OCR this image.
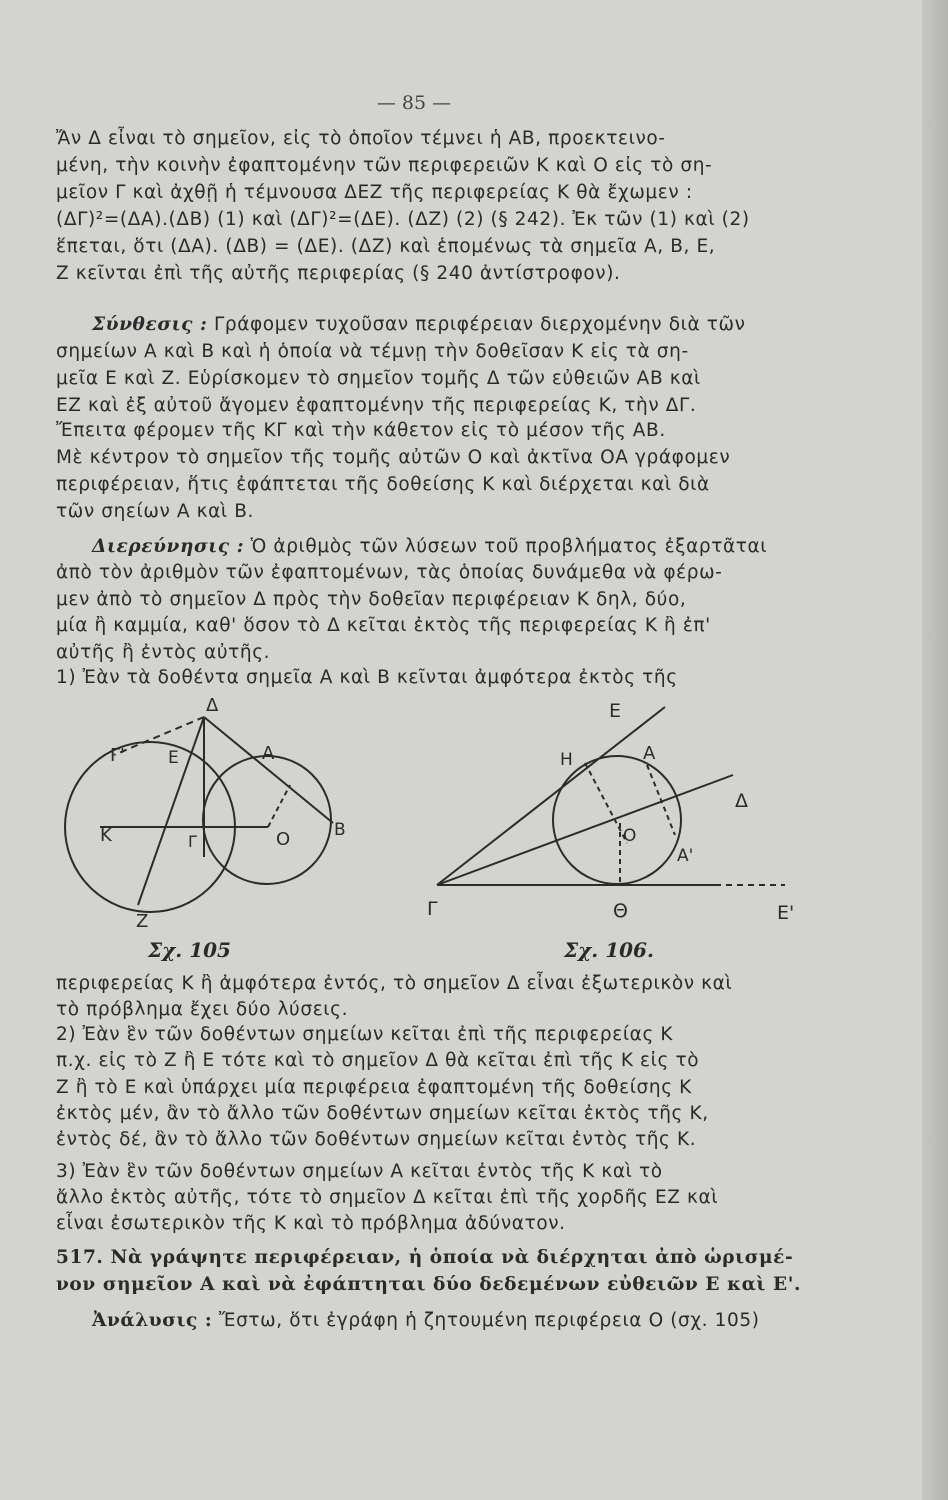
— 85 —
Ἄν Δ εἶναι τὸ σημεῖον, εἰς τὸ ὁποῖον τέμνει ἡ ΑΒ, προεκτεινο-
μένη, τὴν κοινὴν ἐφαπτομένην τῶν περιφερειῶν Κ καὶ Ο εἰς τὸ ση-
μεῖον Γ καὶ ἀχθῇ ἡ τέμνουσα ΔΕΖ τῆς περιφερείας Κ θὰ ἔχωμεν :
(ΔΓ)²=(ΔΑ).(ΔΒ) (1) καὶ (ΔΓ)²=(ΔΕ). (ΔΖ) (2) (§ 242). Ἐκ τῶν (1) καὶ (2)
ἕπεται, ὅτι (ΔΑ). (ΔΒ) = (ΔΕ). (ΔΖ) καὶ ἑπομένως τὰ σημεῖα Α, Β, Ε,
Ζ κεῖνται ἐπὶ τῆς αὐτῆς περιφερίας (§ 240 ἀντίστροφον).
Σύνθεσις : Γράφομεν τυχοῦσαν περιφέρειαν διερχομένην διὰ τῶν
σημείων Α καὶ Β καὶ ἡ ὁποία νὰ τέμνῃ τὴν δοθεῖσαν Κ εἰς τὰ ση-
μεῖα Ε καὶ Ζ. Εὑρίσκομεν τὸ σημεῖον τομῆς Δ τῶν εὐθειῶν ΑΒ καὶ
ΕΖ καὶ ἐξ αὐτοῦ ἄγομεν ἐφαπτομένην τῆς περιφερείας Κ, τὴν ΔΓ.
Ἔπειτα φέρομεν τῆς ΚΓ καὶ τὴν κάθετον εἰς τὸ μέσον τῆς ΑΒ.
Μὲ κέντρον τὸ σημεῖον τῆς τομῆς αὐτῶν Ο καὶ ἀκτῖνα ΟΑ γράφομεν
περιφέρειαν, ἥτις ἐφάπτεται τῆς δοθείσης Κ καὶ διέρχεται καὶ διὰ
τῶν σηείων Α καὶ Β.
Διερεύνησις : Ὁ ἀριθμὸς τῶν λύσεων τοῦ προβλήματος ἐξαρτᾶται
ἀπὸ τὸν ἀριθμὸν τῶν ἐφαπτομένων, τὰς ὁποίας δυνάμεθα νὰ φέρω-
μεν ἀπὸ τὸ σημεῖον Δ πρὸς τὴν δοθεῖαν περιφέρειαν Κ δηλ, δύο,
μία ἢ καμμία, καθ' ὅσον τὸ Δ κεῖται ἐκτὸς τῆς περιφερείας Κ ἢ ἐπ'
αὐτῆς ἢ ἐντὸς αὐτῆς.
1) Ἐὰν τὰ δοθέντα σημεῖα Α καὶ Β κεῖνται ἀμφότερα ἐκτὸς τῆς
Δ
Γ'	Ε	Α
Κ	Γ	Ο	Β
Ζ
Σχ. 105
Ε
Η	Α
Δ
Ο
Α'
Γ	Θ	Ε'
Σχ. 106.
περιφερείας Κ ἢ ἀμφότερα ἐντός, τὸ σημεῖον Δ εἶναι ἐξωτερικὸν καὶ
τὸ πρόβλημα ἔχει δύο λύσεις.
2) Ἐὰν ἓν τῶν δοθέντων σημείων κεῖται ἐπὶ τῆς περιφερείας Κ
π.χ. εἰς τὸ Ζ ἢ Ε τότε καὶ τὸ σημεῖον Δ θὰ κεῖται ἐπὶ τῆς Κ εἰς τὸ
Ζ ἢ τὸ Ε καὶ ὑπάρχει μία περιφέρεια ἐφαπτομένη τῆς δοθείσης Κ
ἐκτὸς μέν, ἂν τὸ ἄλλο τῶν δοθέντων σημείων κεῖται ἐκτὸς τῆς Κ,
ἐντὸς δέ, ἂν τὸ ἄλλο τῶν δοθέντων σημείων κεῖται ἐντὸς τῆς Κ.
3) Ἐὰν ἓν τῶν δοθέντων σημείων Α κεῖται ἐντὸς τῆς Κ καὶ τὸ
ἄλλο ἐκτὸς αὐτῆς, τότε τὸ σημεῖον Δ κεῖται ἐπὶ τῆς χορδῆς ΕΖ καὶ
εἶναι ἐσωτερικὸν τῆς Κ καὶ τὸ πρόβλημα ἀδύνατον.
517. Νὰ γράψητε περιφέρειαν, ἡ ὁποία νὰ διέρχηται ἀπὸ ὡρισμέ-
νον σημεῖον Α καὶ νὰ ἐφάπτηται δύο δεδεμένων εὐθειῶν Ε καὶ Ε'.
Ἀνάλυσις : Ἔστω, ὅτι ἐγράφη ἡ ζητουμένη περιφέρεια Ο (σχ. 105)
